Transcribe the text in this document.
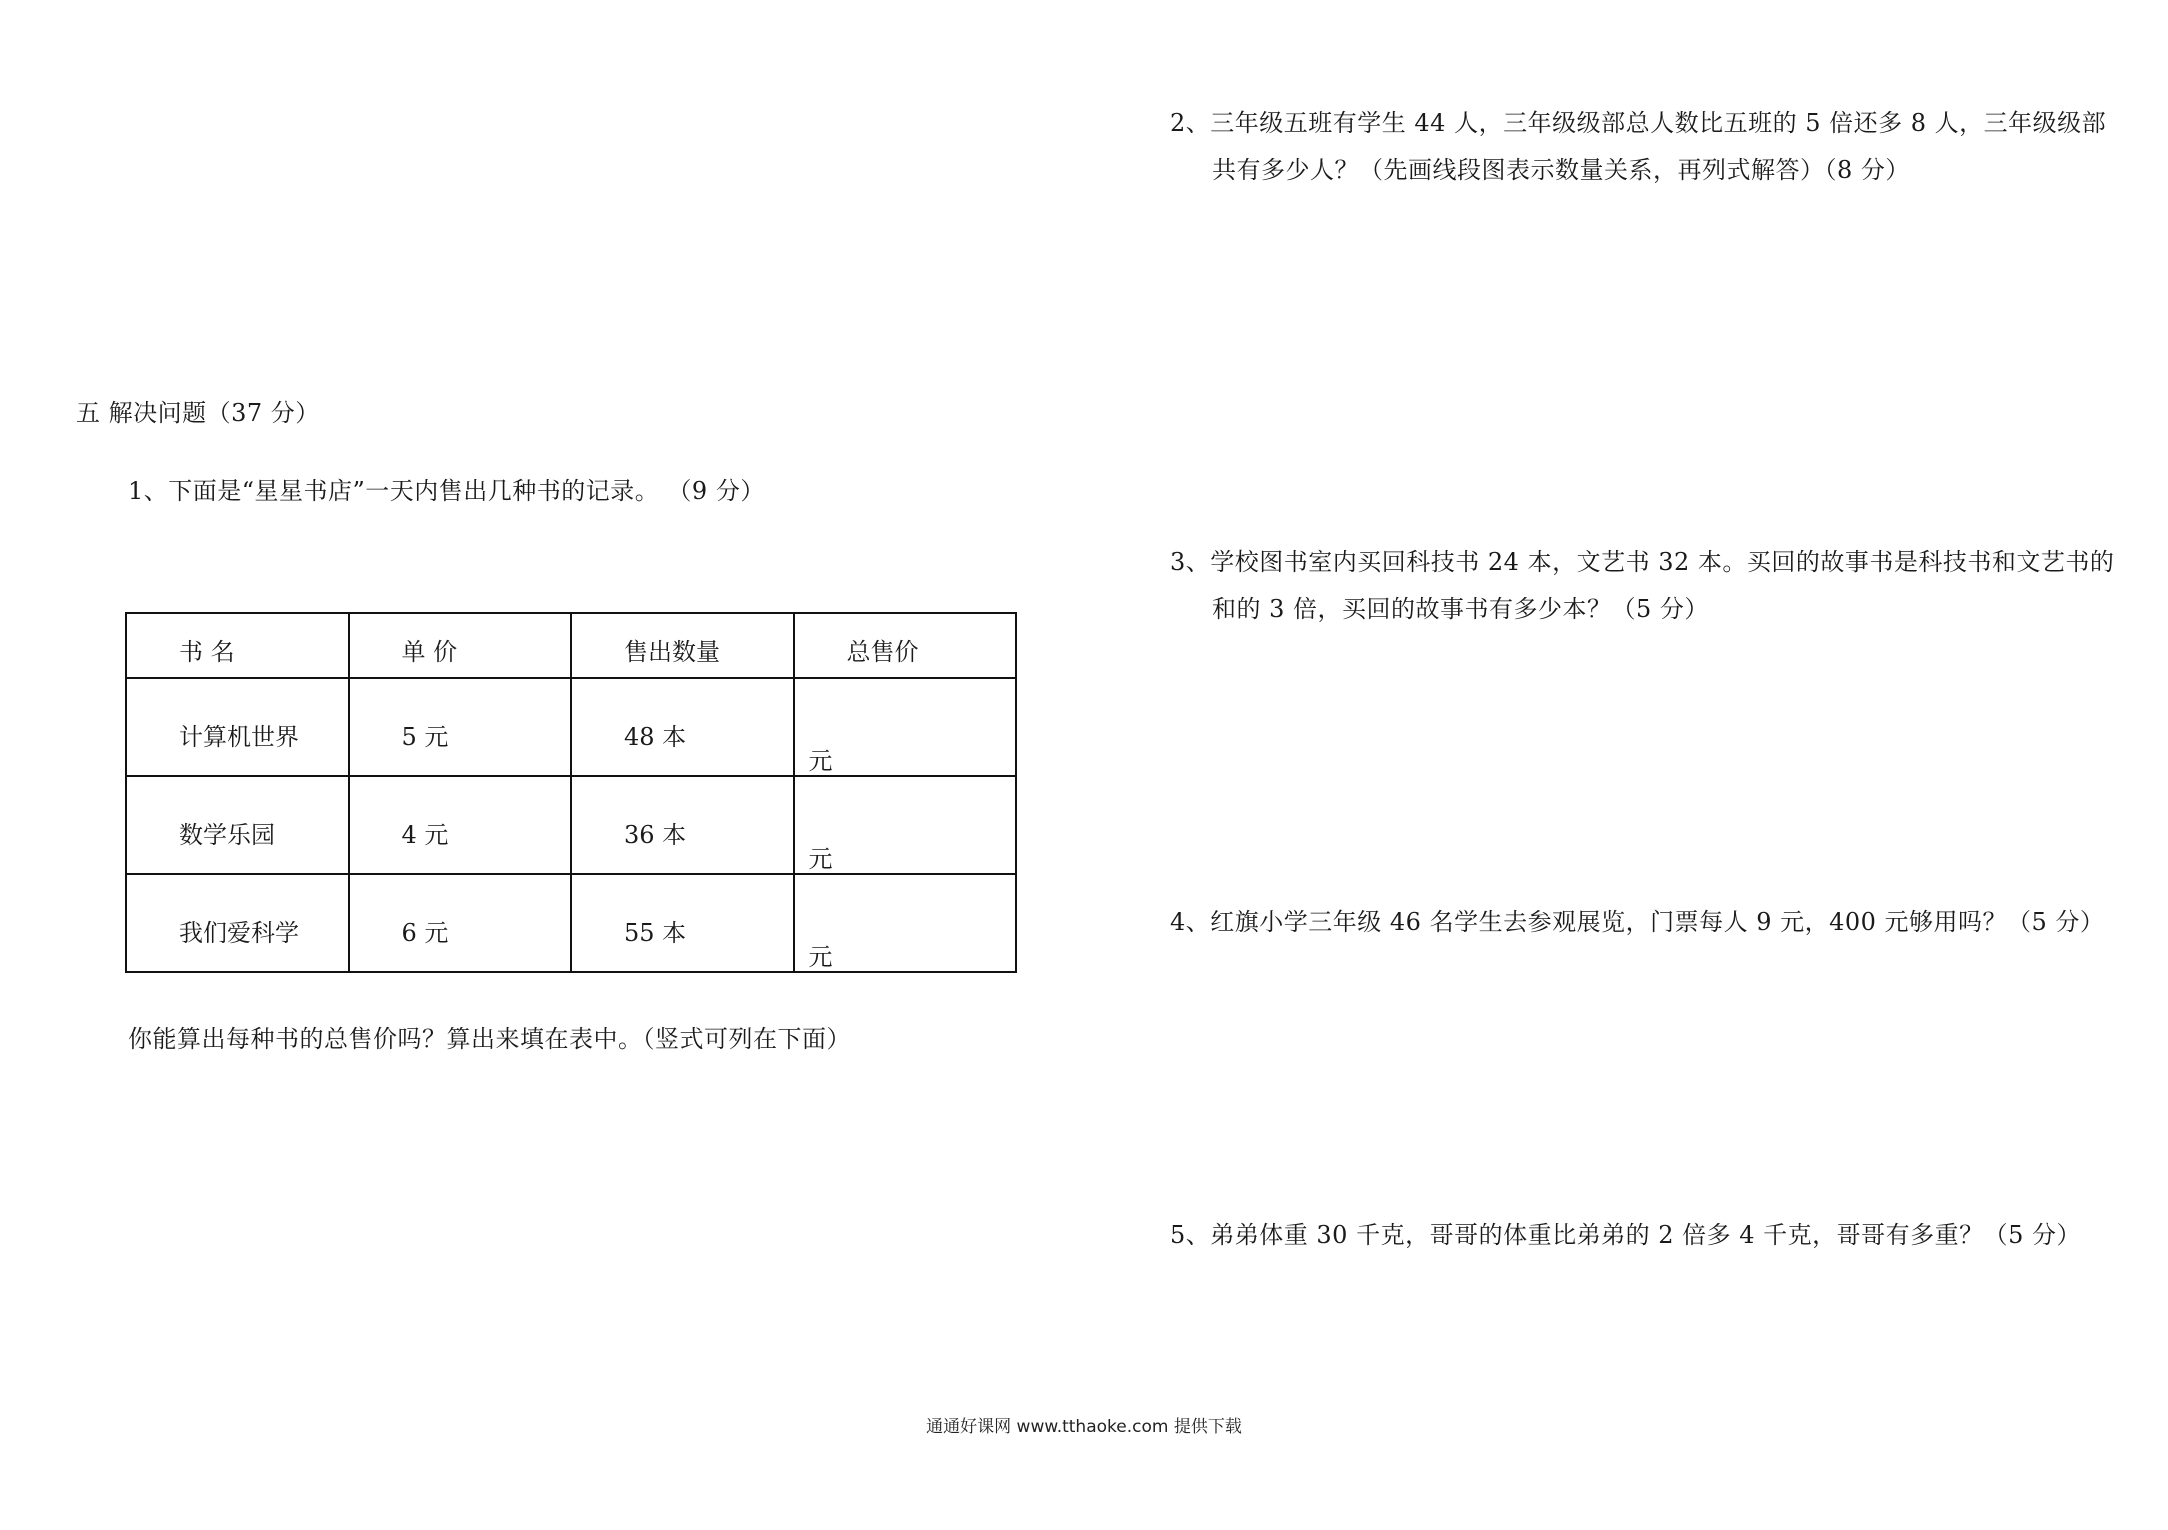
2、三年级五班有学生 44 人，三年级级部总人数比五班的 5 倍还多 8 人，三年级级部
共有多少人？（先画线段图表示数量关系，再列式解答）（8 分）
3、学校图书室内买回科技书 24 本，文艺书 32 本。买回的故事书是科技书和文艺书的
和的 3 倍，买回的故事书有多少本？（5 分）
4、红旗小学三年级 46 名学生去参观展览，门票每人 9 元，400 元够用吗？（5 分）
5、弟弟体重 30 千克，哥哥的体重比弟弟的 2 倍多 4 千克，哥哥有多重？（5 分）
五 解决问题（37 分）
1、下面是“星星书店”一天内售出几种书的记录。 （9 分）
书 名	单 价	售出数量	总售价

计算机世界	5 元	48 本	元

数学乐园	4 元	36 本	元

我们爱科学	6 元	55 本	元
你能算出每种书的总售价吗？算出来填在表中。（竖式可列在下面）
通通好课网 www.tthaoke.com 提供下载
